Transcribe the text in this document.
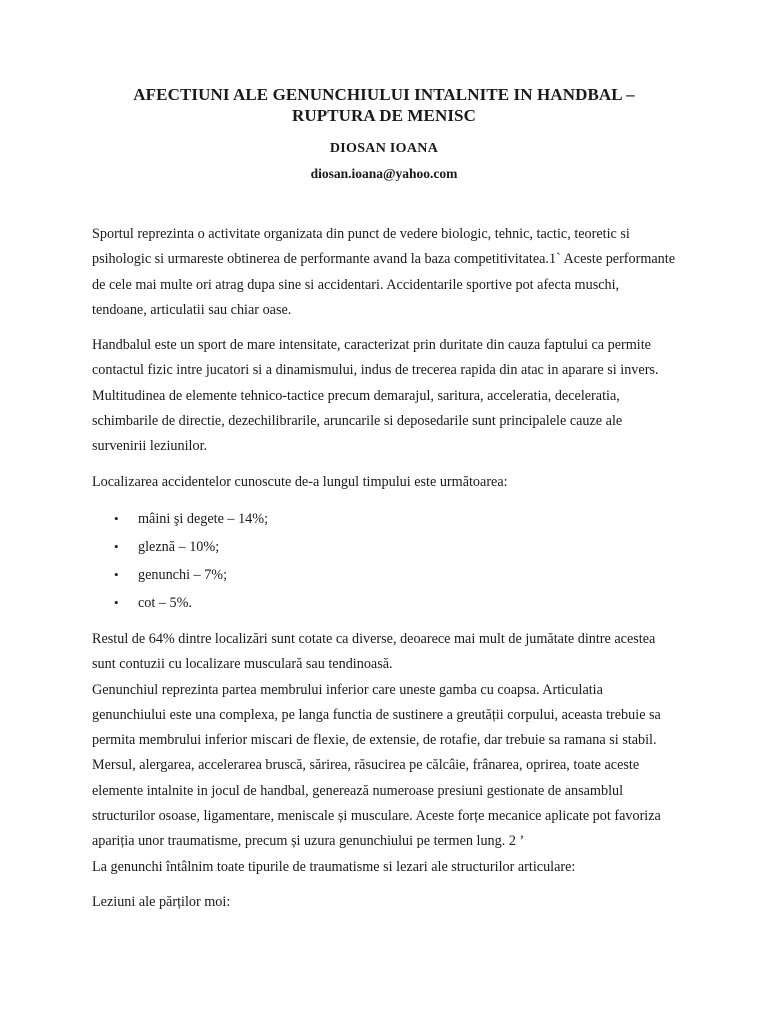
AFECTIUNI ALE GENUNCHIULUI INTALNITE IN HANDBAL –
RUPTURA DE MENISC
DIOSAN IOANA
diosan.ioana@yahoo.com

Sportul reprezinta o activitate organizata din punct de vedere biologic, tehnic, tactic, teoretic si psihologic si urmareste obtinerea de performante avand la baza competitivitatea.1` Aceste performante de cele mai multe ori atrag dupa sine si accidentari. Accidentarile sportive pot afecta muschi, tendoane, articulatii sau chiar oase.

Handbalul este un sport de mare intensitate, caracterizat prin duritate din cauza faptului ca permite contactul fizic intre jucatori si a dinamismului, indus de trecerea rapida din atac in aparare si invers. Multitudinea de elemente tehnico-tactice precum demarajul, saritura, acceleratia, deceleratia, schimbarile de directie, dezechilibrarile, aruncarile si deposedarile sunt principalele cauze ale survenirii leziunilor.

Localizarea accidentelor cunoscute de-a lungul timpului este următoarea:

• mâini şi degete – 14%;
• gleznă – 10%;
• genunchi – 7%;
• cot – 5%.

Restul de 64% dintre localizări sunt cotate ca diverse, deoarece mai mult de jumătate dintre acestea sunt contuzii cu localizare musculară sau tendinoasă.

Genunchiul reprezinta partea membrului inferior care uneste gamba cu coapsa. Articulatia genunchiului este una complexa, pe langa functia de sustinere a greutății corpului, aceasta trebuie sa permita membrului inferior miscari de flexie, de extensie, de rotafie, dar trebuie sa ramana si stabil. Mersul, alergarea, accelerarea bruscă, sărirea, răsucirea pe călcâie, frânarea, oprirea, toate aceste elemente intalnite in jocul de handbal, generează numeroase presiuni gestionate de ansamblul structurilor osoase, ligamentare, meniscale și musculare. Aceste forțe mecanice aplicate pot favoriza apariția unor traumatisme, precum și uzura genunchiului pe termen lung. 2 ’

La genunchi întâlnim toate tipurile de traumatisme si lezari ale structurilor articulare:

Leziuni ale părților moi:
